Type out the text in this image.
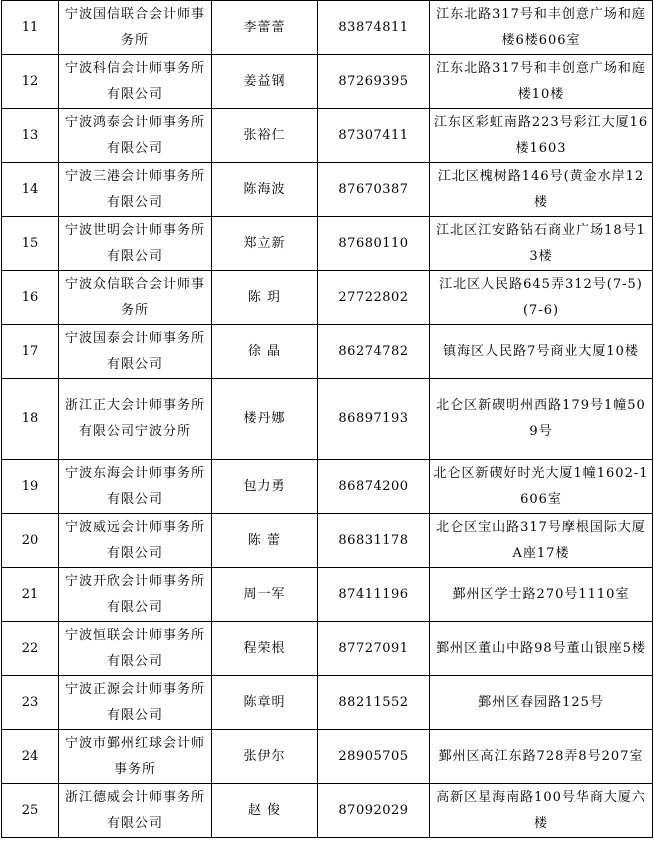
11	宁波国信联合会计师事务所	李蕾蕾	83874811	江东北路317号和丰创意广场和庭楼6楼606室
12	宁波科信会计师事务所有限公司	姜益钢	87269395	江东北路317号和丰创意广场和庭楼10楼
13	宁波鸿泰会计师事务所有限公司	张裕仁	87307411	江东区彩虹南路223号彩江大厦16楼1603
14	宁波三港会计师事务所有限公司	陈海波	87670387	江北区槐树路146号(黄金水岸12楼
15	宁波世明会计师事务所有限公司	郑立新	87680110	江北区江安路钻石商业广场18号13楼
16	宁波众信联合会计师事务所	陈 玥	27722802	江北区人民路645弄312号(7-5) (7-6)
17	宁波国泰会计师事务所有限公司	徐 晶	86274782	镇海区人民路7号商业大厦10楼
18	浙江正大会计师事务所有限公司宁波分所	楼丹娜	86897193	北仑区新碶明州西路179号1幢509号
19	宁波东海会计师事务所有限公司	包力勇	86874200	北仑区新碶好时光大厦1幢1602-1606室
20	宁波威远会计师事务所有限公司	陈 蕾	86831178	北仑区宝山路317号摩根国际大厦A座17楼
21	宁波开欣会计师事务所有限公司	周一军	87411196	鄞州区学士路270号1110室
22	宁波恒联会计师事务所有限公司	程荣根	87727091	鄞州区董山中路98号董山银座5楼
23	宁波正源会计师事务所有限公司	陈章明	88211552	鄞州区春园路125号
24	宁波市鄞州红球会计师事务所	张伊尔	28905705	鄞州区高江东路728弄8号207室
25	浙江德威会计师事务所有限公司	赵 俊	87092029	高新区星海南路100号华商大厦六楼
